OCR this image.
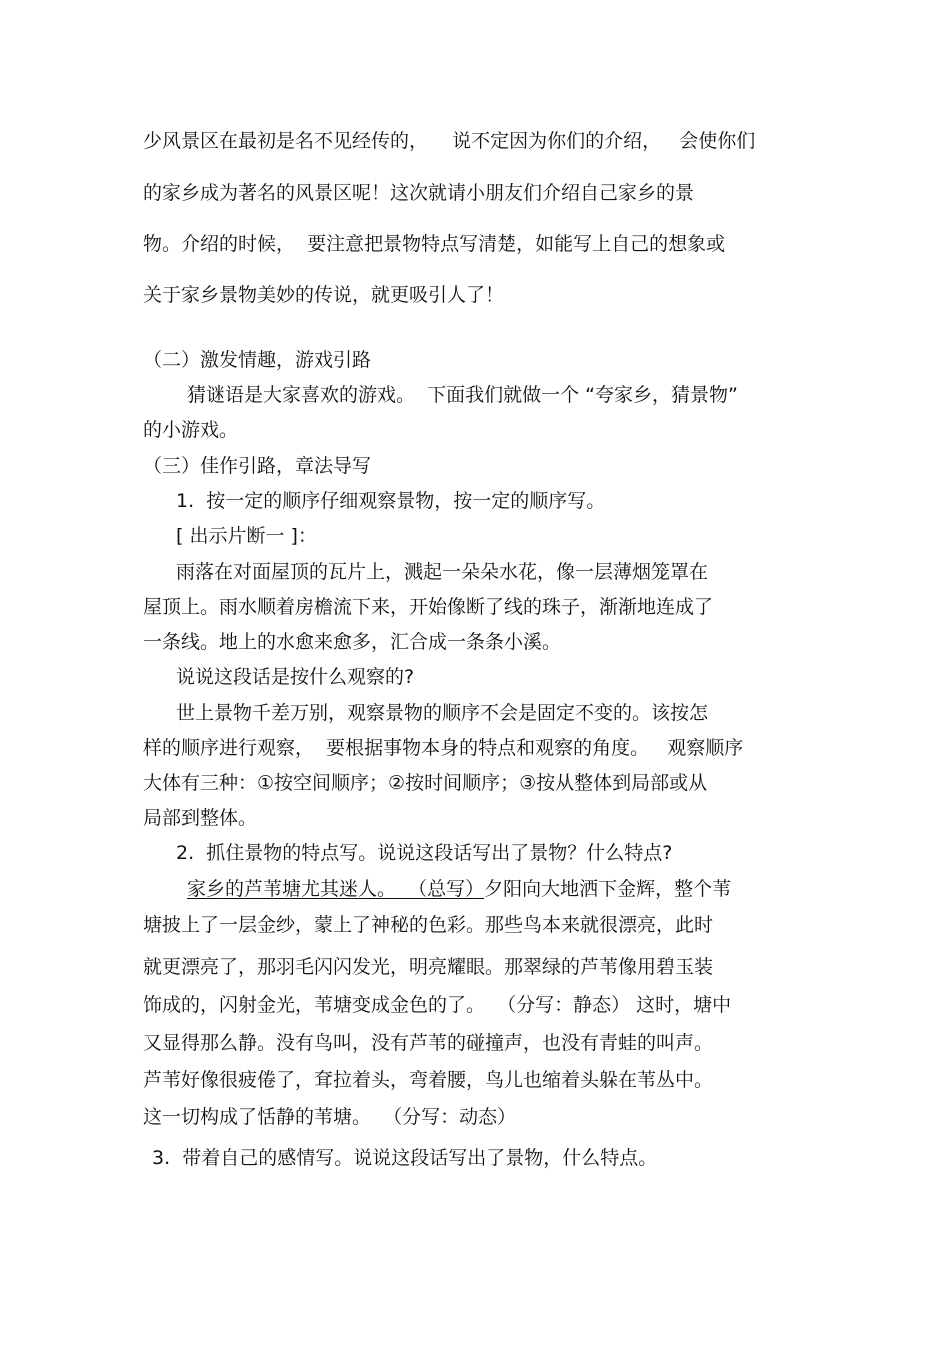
少风景区在最初是名不见经传的，    说不定因为你们的介绍，   会使你们
的家乡成为著名的风景区呢！这次就请小朋友们介绍自己家乡的景
物。介绍的时候，  要注意把景物特点写清楚，如能写上自己的想象或
关于家乡景物美妙的传说，就更吸引人了！
（二）激发情趣，游戏引路
猜谜语是大家喜欢的游戏。  下面我们就做一个 “夸家乡，猜景物”
的小游戏。
（三）佳作引路，章法导写
1.  按一定的顺序仔细观察景物，按一定的顺序写。
[ 出示片断一 ]：
雨落在对面屋顶的瓦片上，溅起一朵朵水花，像一层薄烟笼罩在
屋顶上。雨水顺着房檐流下来，开始像断了线的珠子，渐渐地连成了
一条线。地上的水愈来愈多，汇合成一条条小溪。
说说这段话是按什么观察的?
世上景物千差万别，观察景物的顺序不会是固定不变的。该按怎
样的顺序进行观察，  要根据事物本身的特点和观察的角度。   观察顺序
大体有三种：①按空间顺序；②按时间顺序；③按从整体到局部或从
局部到整体。
2.  抓住景物的特点写。说说这段话写出了景物？什么特点?
家乡的芦苇塘尤其迷人。  （总写）夕阳向大地洒下金辉，整个苇
塘披上了一层金纱，蒙上了神秘的色彩。那些鸟本来就很漂亮，此时
就更漂亮了，那羽毛闪闪发光，明亮耀眼。那翠绿的芦苇像用碧玉装
饰成的，闪射金光，苇塘变成金色的了。  （分写：静态） 这时，塘中
又显得那么静。没有鸟叫，没有芦苇的碰撞声，也没有青蛙的叫声。
芦苇好像很疲倦了，耷拉着头，弯着腰，鸟儿也缩着头躲在苇丛中。
这一切构成了恬静的苇塘。  （分写：动态）
3.  带着自己的感情写。说说这段话写出了景物，什么特点。
